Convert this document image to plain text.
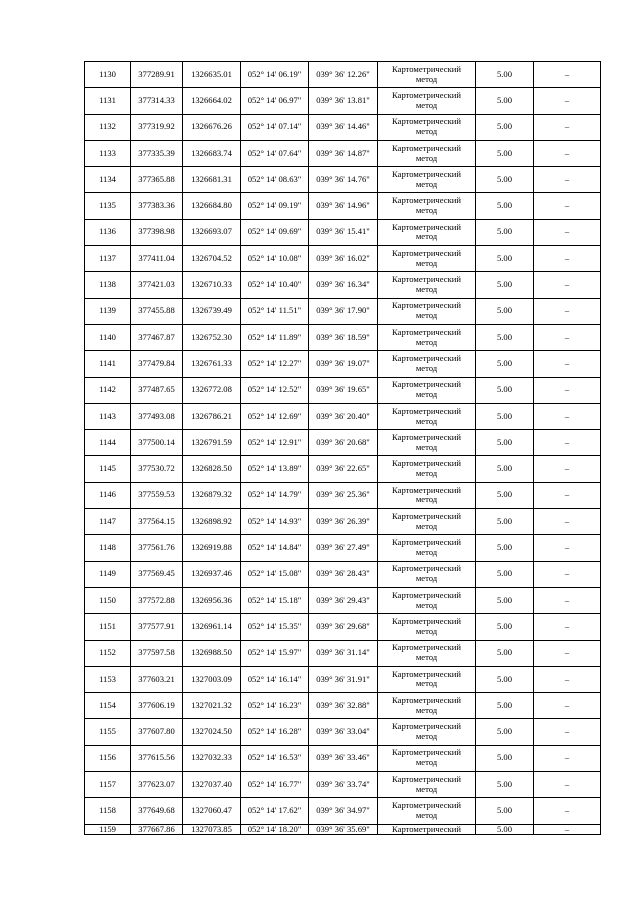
1130	377289.91	1326635.01	052° 14' 06.19"	039° 36' 12.26"	Картометрический
метод	5.00	–
1131	377314.33	1326664.02	052° 14' 06.97"	039° 36' 13.81"	Картометрический
метод	5.00	–
1132	377319.92	1326676.26	052° 14' 07.14"	039° 36' 14.46"	Картометрический
метод	5.00	–
1133	377335.39	1326683.74	052° 14' 07.64"	039° 36' 14.87"	Картометрический
метод	5.00	–
1134	377365.88	1326681.31	052° 14' 08.63"	039° 36' 14.76"	Картометрический
метод	5.00	–
1135	377383.36	1326684.80	052° 14' 09.19"	039° 36' 14.96"	Картометрический
метод	5.00	–
1136	377398.98	1326693.07	052° 14' 09.69"	039° 36' 15.41"	Картометрический
метод	5.00	–
1137	377411.04	1326704.52	052° 14' 10.08"	039° 36' 16.02"	Картометрический
метод	5.00	–
1138	377421.03	1326710.33	052° 14' 10.40"	039° 36' 16.34"	Картометрический
метод	5.00	–
1139	377455.88	1326739.49	052° 14' 11.51"	039° 36' 17.90"	Картометрический
метод	5.00	–
1140	377467.87	1326752.30	052° 14' 11.89"	039° 36' 18.59"	Картометрический
метод	5.00	–
1141	377479.84	1326761.33	052° 14' 12.27"	039° 36' 19.07"	Картометрический
метод	5.00	–
1142	377487.65	1326772.08	052° 14' 12.52"	039° 36' 19.65"	Картометрический
метод	5.00	–
1143	377493.08	1326786.21	052° 14' 12.69"	039° 36' 20.40"	Картометрический
метод	5.00	–
1144	377500.14	1326791.59	052° 14' 12.91"	039° 36' 20.68"	Картометрический
метод	5.00	–
1145	377530.72	1326828.50	052° 14' 13.89"	039° 36' 22.65"	Картометрический
метод	5.00	–
1146	377559.53	1326879.32	052° 14' 14.79"	039° 36' 25.36"	Картометрический
метод	5.00	–
1147	377564.15	1326898.92	052° 14' 14.93"	039° 36' 26.39"	Картометрический
метод	5.00	–
1148	377561.76	1326919.88	052° 14' 14.84"	039° 36' 27.49"	Картометрический
метод	5.00	–
1149	377569.45	1326937.46	052° 14' 15.08"	039° 36' 28.43"	Картометрический
метод	5.00	–
1150	377572.88	1326956.36	052° 14' 15.18"	039° 36' 29.43"	Картометрический
метод	5.00	–
1151	377577.91	1326961.14	052° 14' 15.35"	039° 36' 29.68"	Картометрический
метод	5.00	–
1152	377597.58	1326988.50	052° 14' 15.97"	039° 36' 31.14"	Картометрический
метод	5.00	–
1153	377603.21	1327003.09	052° 14' 16.14"	039° 36' 31.91"	Картометрический
метод	5.00	–
1154	377606.19	1327021.32	052° 14' 16.23"	039° 36' 32.88"	Картометрический
метод	5.00	–
1155	377607.80	1327024.50	052° 14' 16.28"	039° 36' 33.04"	Картометрический
метод	5.00	–
1156	377615.56	1327032.33	052° 14' 16.53"	039° 36' 33.46"	Картометрический
метод	5.00	–
1157	377623.07	1327037.40	052° 14' 16.77"	039° 36' 33.74"	Картометрический
метод	5.00	–
1158	377649.68	1327060.47	052° 14' 17.62"	039° 36' 34.97"	Картометрический
метод	5.00	–
1159	377667.86	1327073.85	052° 14' 18.20"	039° 36' 35.69"	Картометрический	5.00	–
